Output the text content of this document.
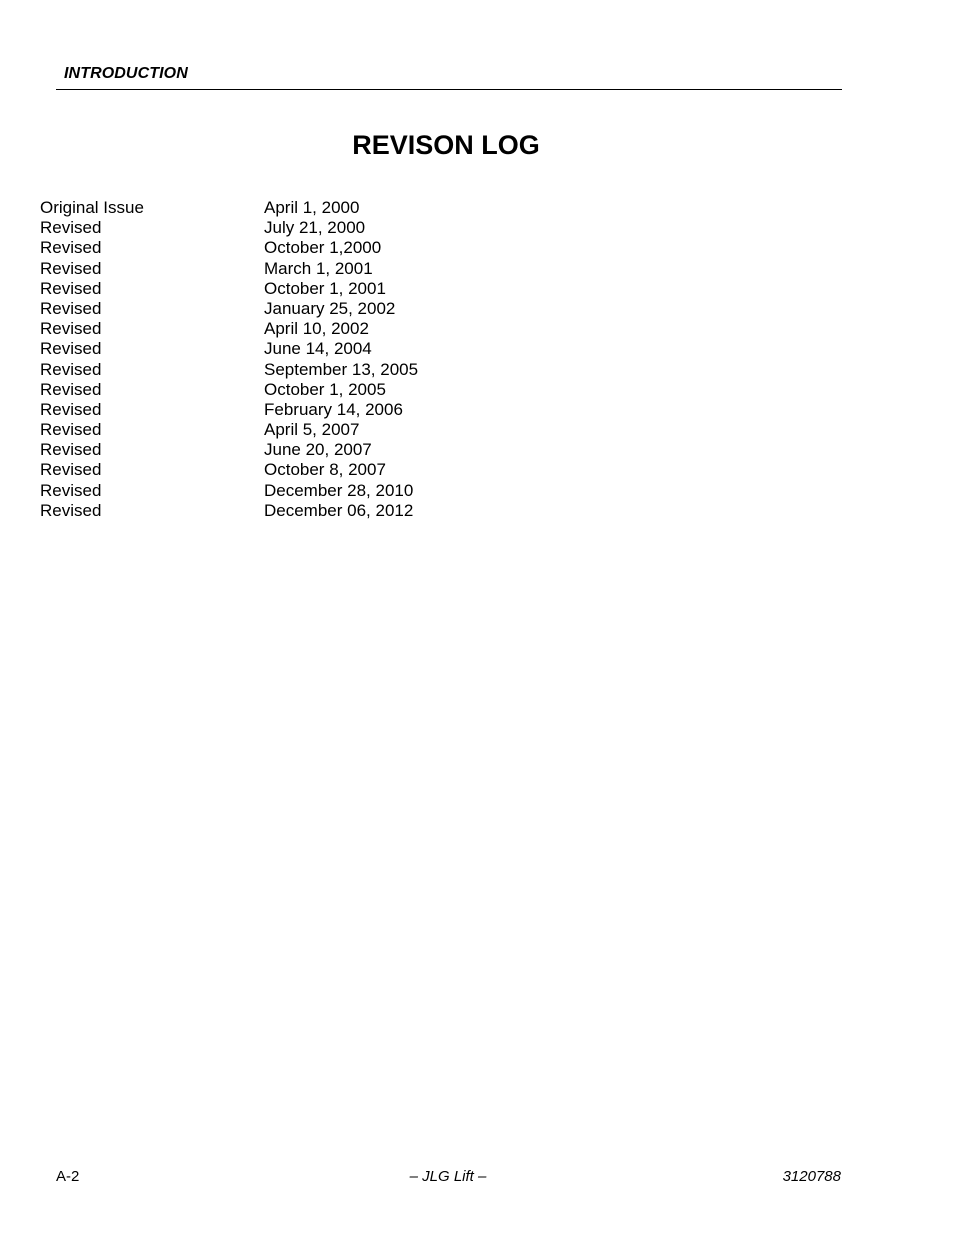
INTRODUCTION
REVISON LOG
Original Issue	April 1, 2000
Revised	July 21, 2000
Revised	October 1,2000
Revised	March 1, 2001
Revised	October 1, 2001
Revised	January 25, 2002
Revised	April 10, 2002
Revised	June 14, 2004
Revised	September 13, 2005
Revised	October 1, 2005
Revised	February 14, 2006
Revised	April 5, 2007
Revised	June 20, 2007
Revised	October 8, 2007
Revised	December 28, 2010
Revised	December 06, 2012
A-2	– JLG Lift –	3120788
